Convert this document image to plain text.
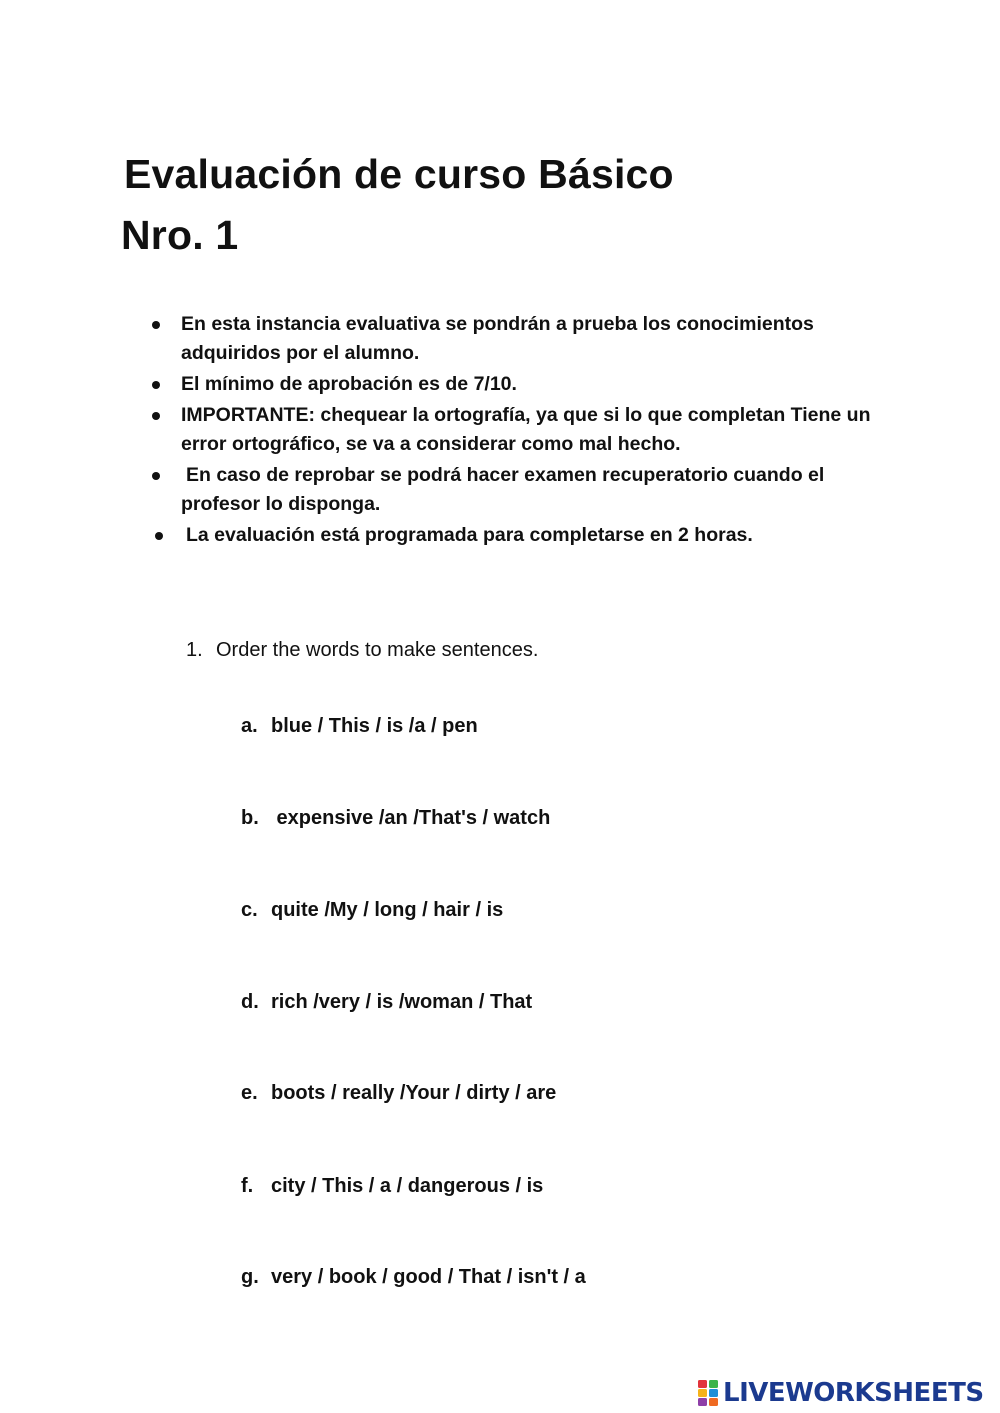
Evaluación de curso Básico
Nro. 1
En esta instancia evaluativa se pondrán a prueba los conocimientos adquiridos por el alumno.
El mínimo de aprobación es de 7/10.
IMPORTANTE: chequear la ortografía, ya que si lo que completan Tiene un error ortográfico, se va a considerar como mal hecho.
En caso de reprobar se podrá hacer examen recuperatorio cuando el profesor lo disponga.
La evaluación está programada para completarse en 2 horas.
1. Order the words to make sentences.
a. blue / This / is /a / pen
b. expensive /an /That's / watch
c. quite /My / long / hair / is
d. rich /very / is /woman / That
e. boots / really /Your / dirty / are
f. city / This / a / dangerous / is
g. very / book / good / That / isn't / a
LIVEWORKSHEETS
